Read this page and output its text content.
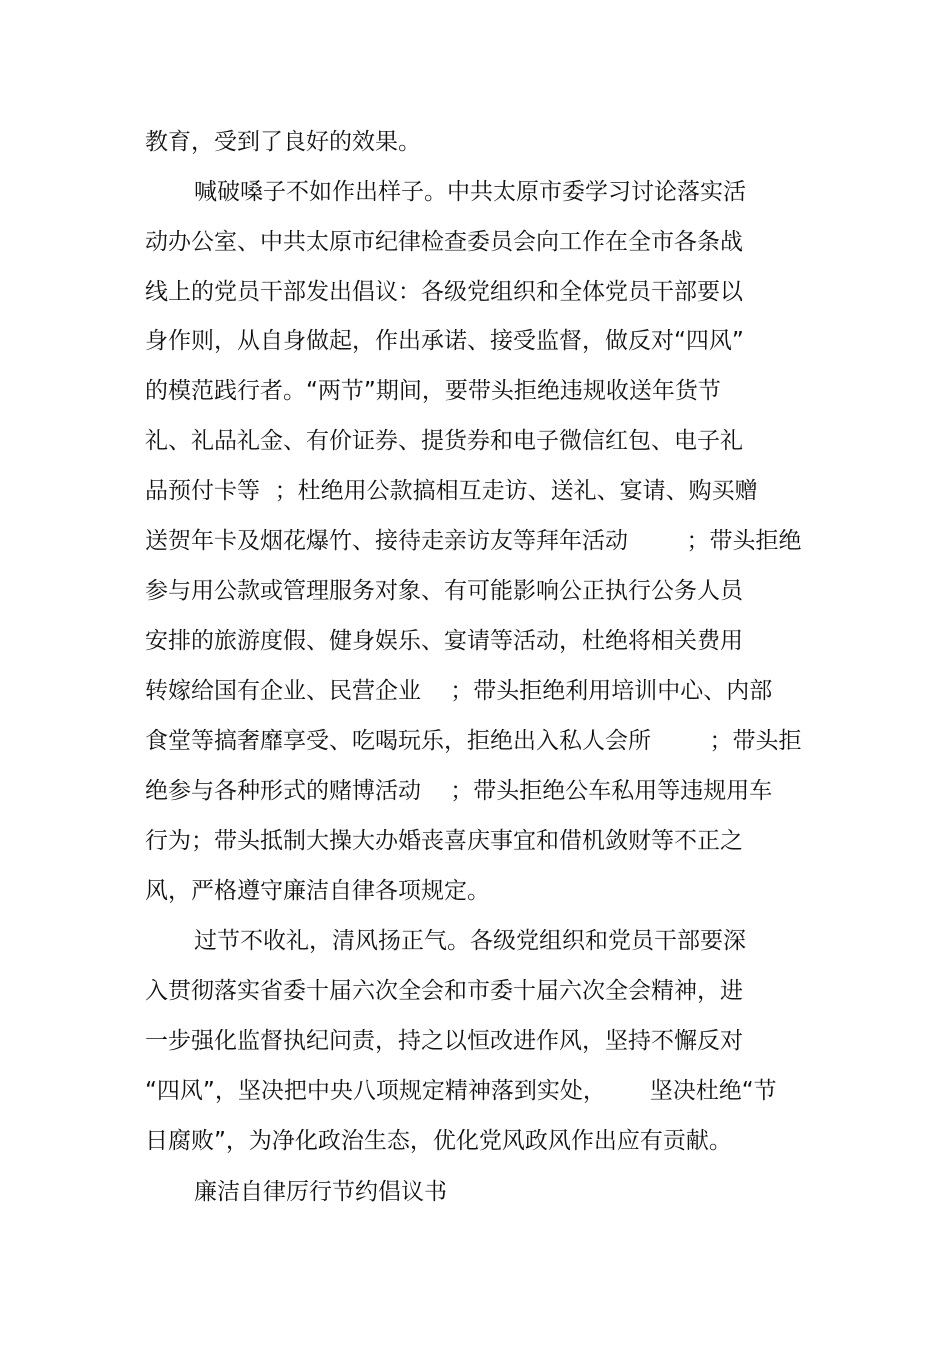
教育，受到了良好的效果。
喊破嗓子不如作出样子。中共太原市委学习讨论落实活
动办公室、中共太原市纪律检查委员会向工作在全市各条战
线上的党员干部发出倡议：各级党组织和全体党员干部要以
身作则，从自身做起，作出承诺、接受监督，做反对“四风”
的模范践行者。“两节”期间，要带头拒绝违规收送年货节
礼、礼品礼金、有价证券、提货券和电子微信红包、电子礼
品预付卡等  ；杜绝用公款搞相互走访、送礼、宴请、购买赠
送贺年卡及烟花爆竹、接待走亲访友等拜年活动        ；带头拒绝
参与用公款或管理服务对象、有可能影响公正执行公务人员
安排的旅游度假、健身娱乐、宴请等活动，杜绝将相关费用
转嫁给国有企业、民营企业    ；带头拒绝利用培训中心、内部
食堂等搞奢靡享受、吃喝玩乐，拒绝出入私人会所        ；带头拒
绝参与各种形式的赌博活动    ；带头拒绝公车私用等违规用车
行为；带头抵制大操大办婚丧喜庆事宜和借机敛财等不正之
风，严格遵守廉洁自律各项规定。
过节不收礼，清风扬正气。各级党组织和党员干部要深
入贯彻落实省委十届六次全会和市委十届六次全会精神，进
一步强化监督执纪问责，持之以恒改进作风，坚持不懈反对
“四风”，坚决把中央八项规定精神落到实处，      坚决杜绝“节
日腐败”，为净化政治生态，优化党风政风作出应有贡献。
廉洁自律厉行节约倡议书
